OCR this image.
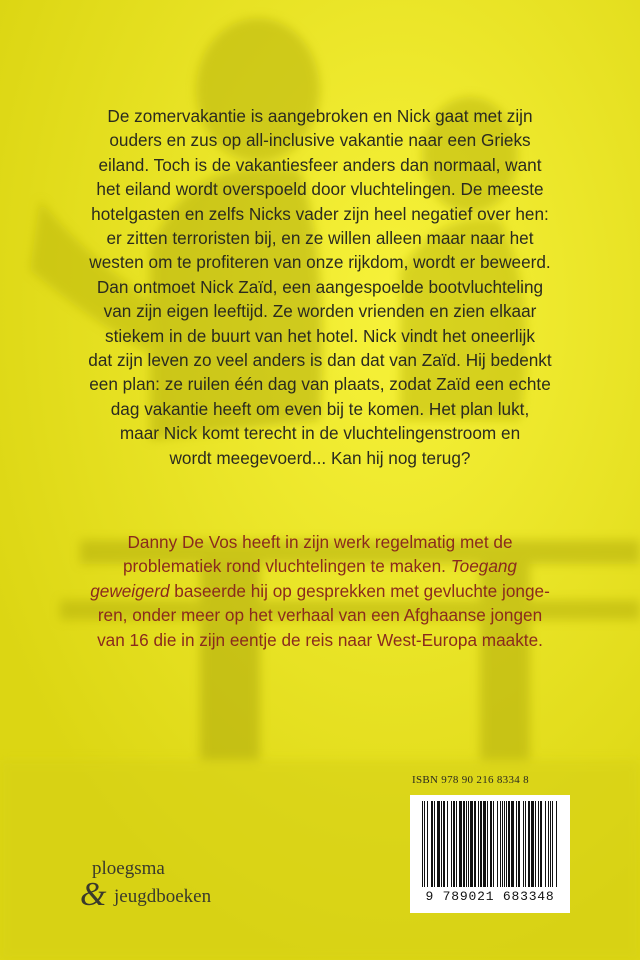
De zomervakantie is aangebroken en Nick gaat met zijn
ouders en zus op all-inclusive vakantie naar een Grieks
eiland. Toch is de vakantiesfeer anders dan normaal, want
het eiland wordt overspoeld door vluchtelingen. De meeste
hotelgasten en zelfs Nicks vader zijn heel negatief over hen:
er zitten terroristen bij, en ze willen alleen maar naar het
westen om te profiteren van onze rijkdom, wordt er beweerd.
Dan ontmoet Nick Zaïd, een aangespoelde bootvluchteling
van zijn eigen leeftijd. Ze worden vrienden en zien elkaar
stiekem in de buurt van het hotel. Nick vindt het oneerlijk
dat zijn leven zo veel anders is dan dat van Zaïd. Hij bedenkt
een plan: ze ruilen één dag van plaats, zodat Zaïd een echte
dag vakantie heeft om even bij te komen. Het plan lukt,
maar Nick komt terecht in de vluchtelingenstroom en
wordt meegevoerd... Kan hij nog terug?
Danny De Vos heeft in zijn werk regelmatig met de
problematiek rond vluchtelingen te maken. Toegang
geweigerd baseerde hij op gesprekken met gevluchte jonge-
ren, onder meer op het verhaal van een Afghaanse jongen
van 16 die in zijn eentje de reis naar West-Europa maakte.
ploegsma
& jeugdboeken
ISBN 978 90 216 8334 8
9 789021 683348
